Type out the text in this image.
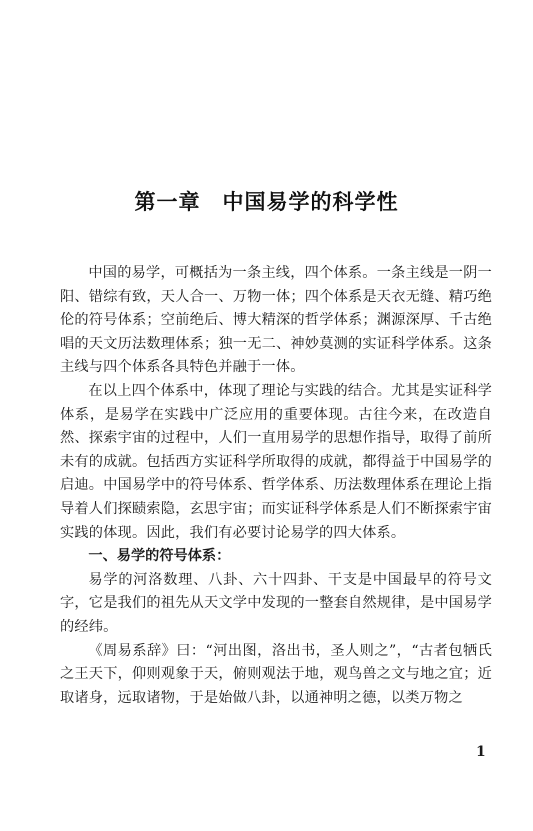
第一章　中国易学的科学性

中国的易学，可概括为一条主线，四个体系。一条主线是一阴一阳、错综有致，天人合一、万物一体；四个体系是天衣无缝、精巧绝伦的符号体系；空前绝后、博大精深的哲学体系；渊源深厚、千古绝唱的天文历法数理体系；独一无二、神妙莫测的实证科学体系。这条主线与四个体系各具特色并融于一体。

在以上四个体系中，体现了理论与实践的结合。尤其是实证科学体系，是易学在实践中广泛应用的重要体现。古往今来，在改造自然、探索宇宙的过程中，人们一直用易学的思想作指导，取得了前所未有的成就。包括西方实证科学所取得的成就，都得益于中国易学的启迪。中国易学中的符号体系、哲学体系、历法数理体系在理论上指导着人们探赜索隐，玄思宇宙；而实证科学体系是人们不断探索宇宙实践的体现。因此，我们有必要讨论易学的四大体系。

一、易学的符号体系：

易学的河洛数理、八卦、六十四卦、干支是中国最早的符号文字，它是我们的祖先从天文学中发现的一整套自然规律，是中国易学的经纬。

《周易系辞》曰：“河出图，洛出书，圣人则之”，“古者包牺氏之王天下，仰则观象于天，俯则观法于地，观鸟兽之文与地之宜；近取诸身，远取诸物，于是始做八卦，以通神明之德，以类万物之

1
